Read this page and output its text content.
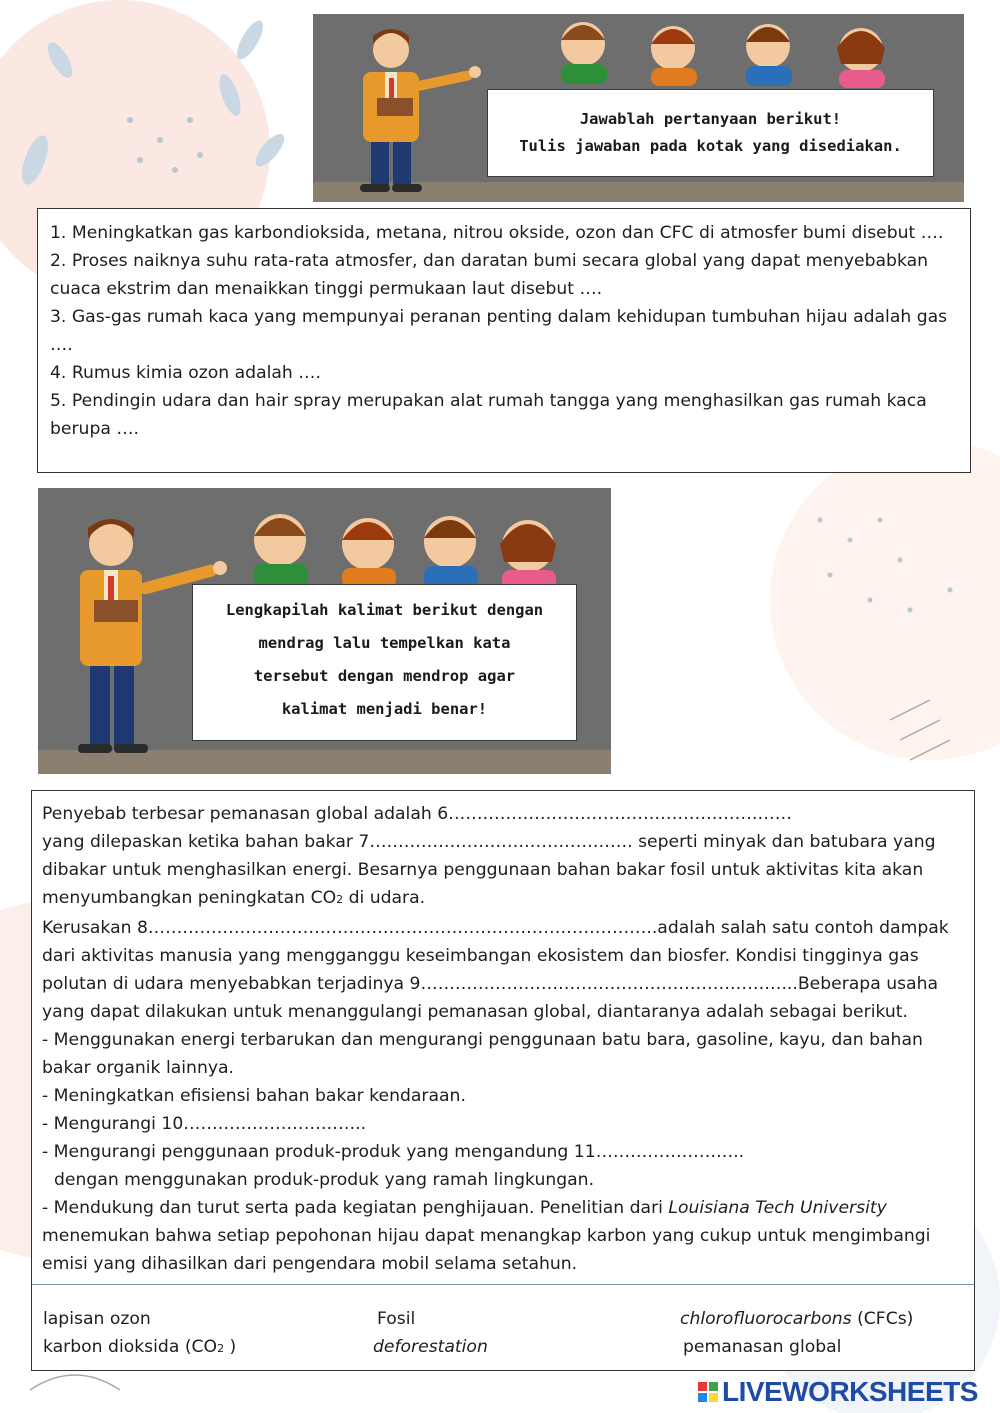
Jawablah pertanyaan berikut!
Tulis jawaban pada kotak yang disediakan.

1. Meningkatkan gas karbondioksida, metana, nitrou okside, ozon dan CFC di atmosfer bumi disebut ….

2. Proses naiknya suhu rata-rata atmosfer, dan daratan bumi secara global yang dapat menyebabkan cuaca ekstrim dan menaikkan tinggi permukaan laut disebut ….

3. Gas-gas rumah kaca yang mempunyai peranan penting dalam kehidupan tumbuhan hijau adalah gas ….

4. Rumus kimia ozon adalah ….

5. Pendingin udara dan hair spray merupakan alat rumah tangga yang menghasilkan gas rumah kaca berupa ….

Lengkapilah kalimat berikut dengan
mendrag lalu tempelkan kata
tersebut dengan mendrop agar
kalimat menjadi benar!

Penyebab terbesar pemanasan global adalah 6……………………………………………………
yang dilepaskan ketika bahan bakar 7………………………………………. seperti minyak dan batubara yang dibakar untuk menghasilkan energi. Besarnya penggunaan bahan bakar fosil untuk aktivitas kita akan menyumbangkan peningkatan CO2 di udara.

Kerusakan 8……………………………………………………………………………..adalah salah satu contoh dampak dari aktivitas manusia yang mengganggu keseimbangan ekosistem dan biosfer. Kondisi tingginya gas polutan di udara menyebabkan terjadinya 9………………………………………………………...Beberapa usaha yang dapat dilakukan untuk menanggulangi pemanasan global, diantaranya adalah sebagai berikut.

- Menggunakan energi terbarukan dan mengurangi penggunaan batu bara, gasoline, kayu, dan bahan bakar organik lainnya.

- Meningkatkan efisiensi bahan bakar kendaraan.

- Mengurangi 10…………………………..

- Mengurangi penggunaan produk-produk yang mengandung 11……………………..

dengan menggunakan produk-produk yang ramah lingkungan.

- Mendukung dan turut serta pada kegiatan penghijauan. Penelitian dari Louisiana Tech University menemukan bahwa setiap pepohonan hijau dapat menangkap karbon yang cukup untuk mengimbangi emisi yang dihasilkan dari pengendara mobil selama setahun.

lapisan ozon	Fosil	chlorofluorocarbons (CFCs)
karbon dioksida (CO2 )	deforestation	pemanasan global
LIVEWORKSHEETS
